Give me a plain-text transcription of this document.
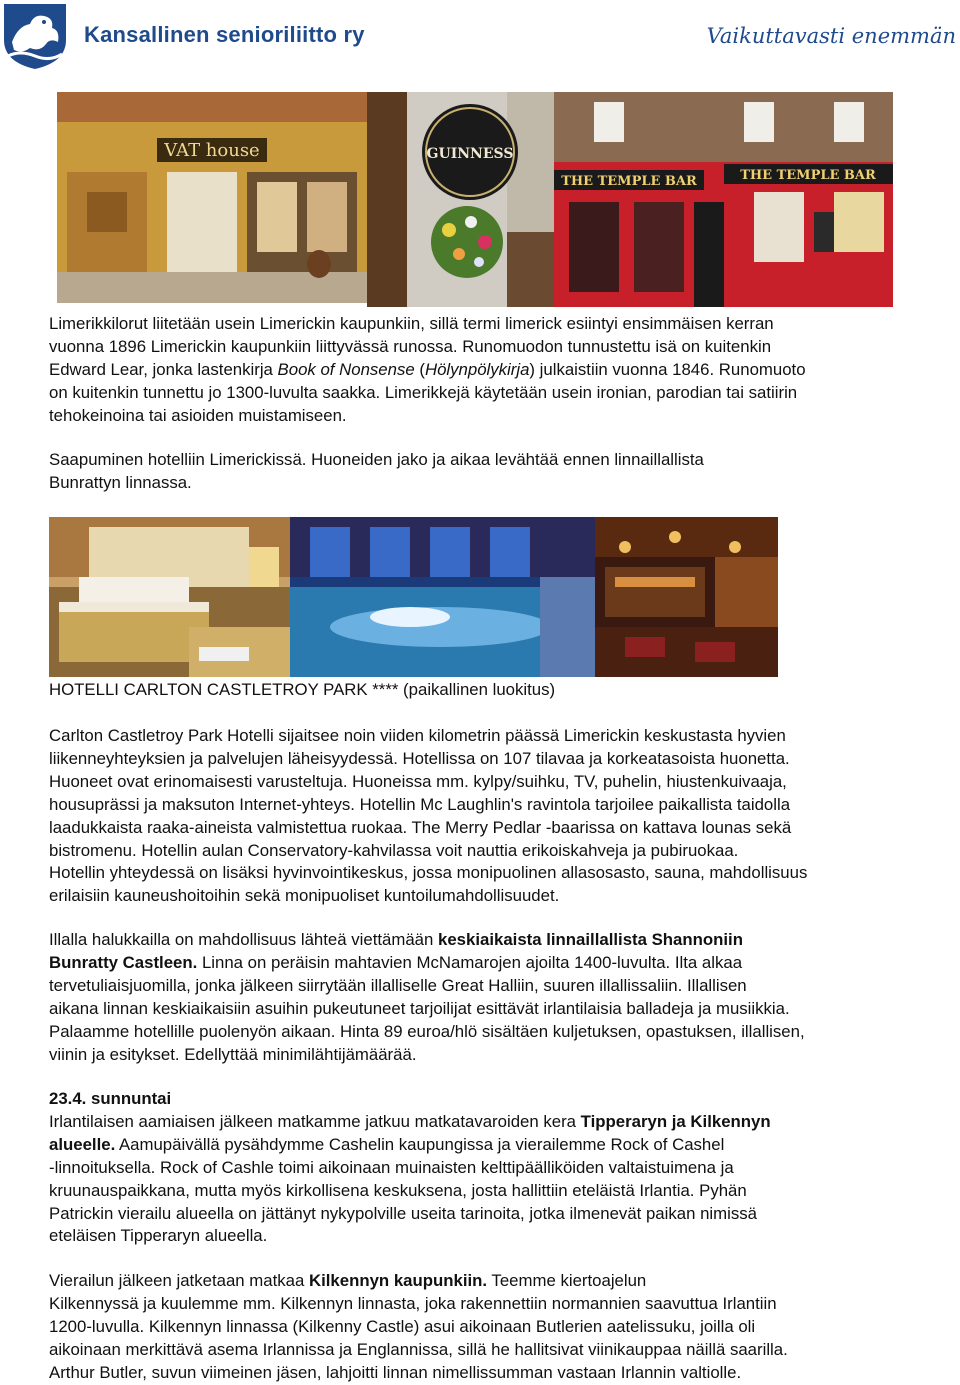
Kansallinen senioriliitto ry	Vaikuttavasti enemmän
VAT house	GUINNESS
THE TEMPLE BAR	THE TEMPLE BAR
Limerikkilorut liitetään usein Limerickin kaupunkiin, sillä termi limerick esiintyi ensimmäisen kerran
vuonna 1896 Limerickin kaupunkiin liittyvässä runossa. Runomuodon tunnustettu isä on kuitenkin
Edward Lear, jonka lastenkirja Book of Nonsense (Hölynpölykirja) julkaistiin vuonna 1846. Runomuoto
on kuitenkin tunnettu jo 1300-luvulta saakka. Limerikkejä käytetään usein ironian, parodian tai satiirin
tehokeinoina tai asioiden muistamiseen.
Saapuminen hotelliin Limerickissä. Huoneiden jako ja aikaa levähtää ennen linnaillallista
Bunrattyn linnassa.
HOTELLI CARLTON CASTLETROY PARK **** (paikallinen luokitus)
Carlton Castletroy Park Hotelli sijaitsee noin viiden kilometrin päässä Limerickin keskustasta hyvien
liikenneyhteyksien ja palvelujen läheisyydessä. Hotellissa on 107 tilavaa ja korkeatasoista huonetta.
Huoneet ovat erinomaisesti varusteltuja. Huoneissa mm. kylpy/suihku, TV, puhelin, hiustenkuivaaja,
housuprässi ja maksuton Internet-yhteys. Hotellin Mc Laughlin's ravintola tarjoilee paikallista taidolla
laadukkaista raaka-aineista valmistettua ruokaa. The Merry Pedlar -baarissa on kattava lounas sekä
bistromenu. Hotellin aulan Conservatory-kahvilassa voit nauttia erikoiskahveja ja pubiruokaa.
Hotellin yhteydessä on lisäksi hyvinvointikeskus, jossa monipuolinen allasosasto, sauna, mahdollisuus
erilaisiin kauneushoitoihin sekä monipuoliset kuntoilumahdollisuudet.
Illalla halukkailla on mahdollisuus lähteä viettämään keskiaikaista linnaillallista Shannoniin
Bunratty Castleen. Linna on peräisin mahtavien McNamarojen ajoilta 1400-luvulta. Ilta alkaa
tervetuliaisjuomilla, jonka jälkeen siirrytään illalliselle Great Halliin, suuren illallissaliin. Illallisen
aikana linnan keskiaikaisiin asuihin pukeutuneet tarjoilijat esittävät irlantilaisia balladeja ja musiikkia.
Palaamme hotellille puolenyön aikaan. Hinta 89 euroa/hlö sisältäen kuljetuksen, opastuksen, illallisen,
viinin ja esitykset. Edellyttää minimilähtijämäärää.
23.4. sunnuntai
Irlantilaisen aamiaisen jälkeen matkamme jatkuu matkatavaroiden kera Tipperaryn ja Kilkennyn
alueelle. Aamupäivällä pysähdymme Cashelin kaupungissa ja vierailemme Rock of Cashel
-linnoituksella. Rock of Cashle toimi aikoinaan muinaisten kelttipäälliköiden valtaistuimena ja
kruunauspaikkana, mutta myös kirkollisena keskuksena, josta hallittiin eteläistä Irlantia. Pyhän
Patrickin vierailu alueella on jättänyt nykypolville useita tarinoita, jotka ilmenevät paikan nimissä
eteläisen Tipperaryn alueella.
Vierailun jälkeen jatketaan matkaa Kilkennyn kaupunkiin. Teemme kiertoajelun
Kilkennyssä ja kuulemme mm. Kilkennyn linnasta, joka rakennettiin normannien saavuttua Irlantiin
1200-luvulla. Kilkennyn linnassa (Kilkenny Castle) asui aikoinaan Butlerien aatelissuku, joilla oli
aikoinaan merkittävä asema Irlannissa ja Englannissa, sillä he hallitsivat viinikauppaa näillä saarilla.
Arthur Butler, suvun viimeinen jäsen, lahjoitti linnan nimellissumman vastaan Irlannin valtiolle.
